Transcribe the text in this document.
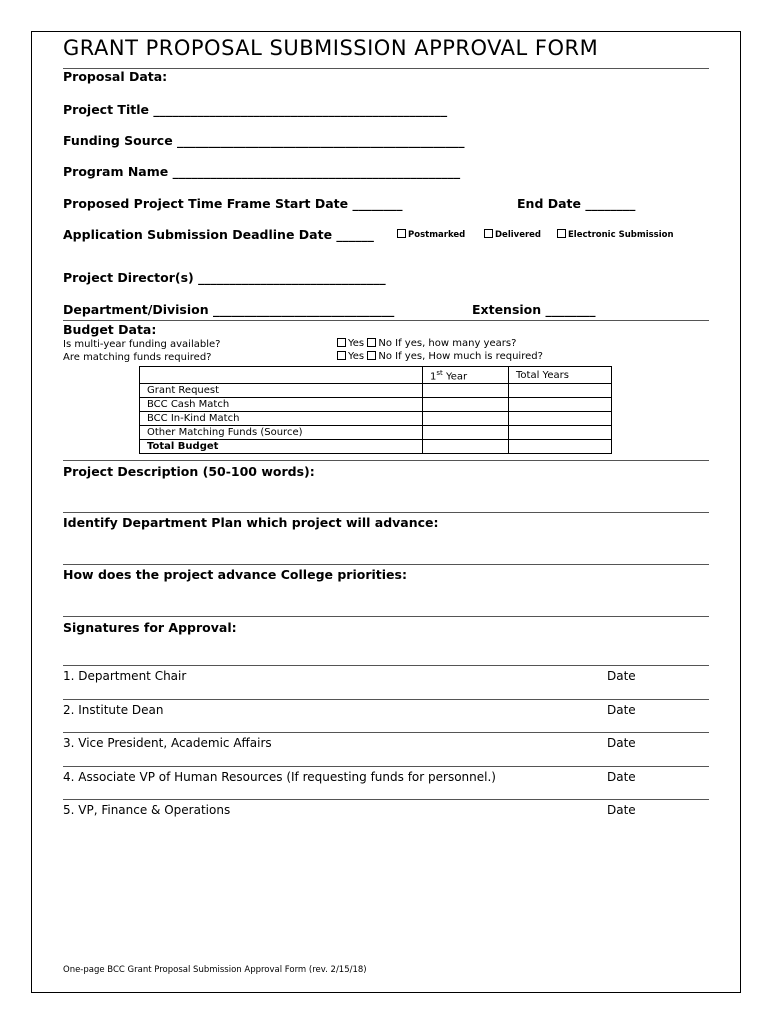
GRANT PROPOSAL SUBMISSION APPROVAL FORM
Proposal Data:
Project Title _______________________________________________
Funding Source ______________________________________________
Program Name ______________________________________________
Proposed Project Time Frame Start Date ________	End Date ________
Application Submission Deadline Date ______	Postmarked	Delivered	Electronic Submission
Project Director(s) ______________________________
Department/Division _____________________________	Extension ________
Budget Data:
Is multi-year funding available?	Yes No If yes, how many years?
Are matching funds required?	Yes No If yes, How much is required?
	1st Year	Total Years
Grant Request		
BCC Cash Match		
BCC In-Kind Match		
Other Matching Funds (Source)		
Total Budget		
Project Description (50-100 words):
Identify Department Plan which project will advance:
How does the project advance College priorities:
Signatures for Approval:
1. Department Chair	Date
2. Institute Dean	Date
3. Vice President, Academic Affairs	Date
4. Associate VP of Human Resources (If requesting funds for personnel.)	Date
5. VP, Finance & Operations	Date
One-page BCC Grant Proposal Submission Approval Form (rev. 2/15/18)
